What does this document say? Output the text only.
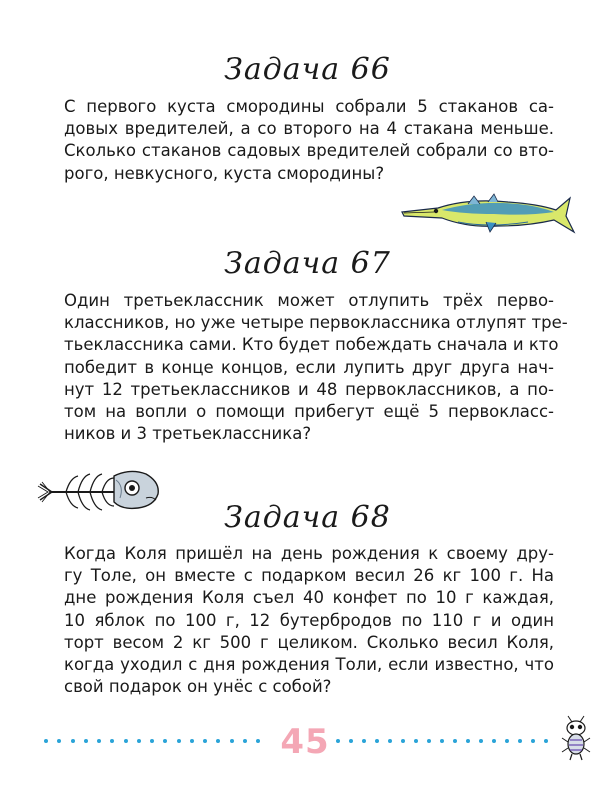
Задача 66

С первого куста смородины собрали 5 стаканов са-
довых вредителей, а со второго на 4 стакана меньше.
Сколько стаканов садовых вредителей собрали со вто-
рого, невкусного, куста смородины?

Задача 67

Один третьеклассник может отлупить трёх перво-
классников, но уже четыре первоклассника отлупят тре-
тьеклассника сами. Кто будет побеждать сначала и кто
победит в конце концов, если лупить друг друга нач-
нут 12 третьеклассников и 48 первоклассников, а по-
том на вопли о помощи прибегут ещё 5 первокласс-
ников и 3 третьеклассника?

Задача 68

Когда Коля пришёл на день рождения к своему дру-
гу Толе, он вместе с подарком весил 26 кг 100 г. На
дне рождения Коля съел 40 конфет по 10 г каждая,
10 яблок по 100 г, 12 бутербродов по 110 г и один
торт весом 2 кг 500 г целиком. Сколько весил Коля,
когда уходил с дня рождения Толи, если известно, что
свой подарок он унёс с собой?

45
